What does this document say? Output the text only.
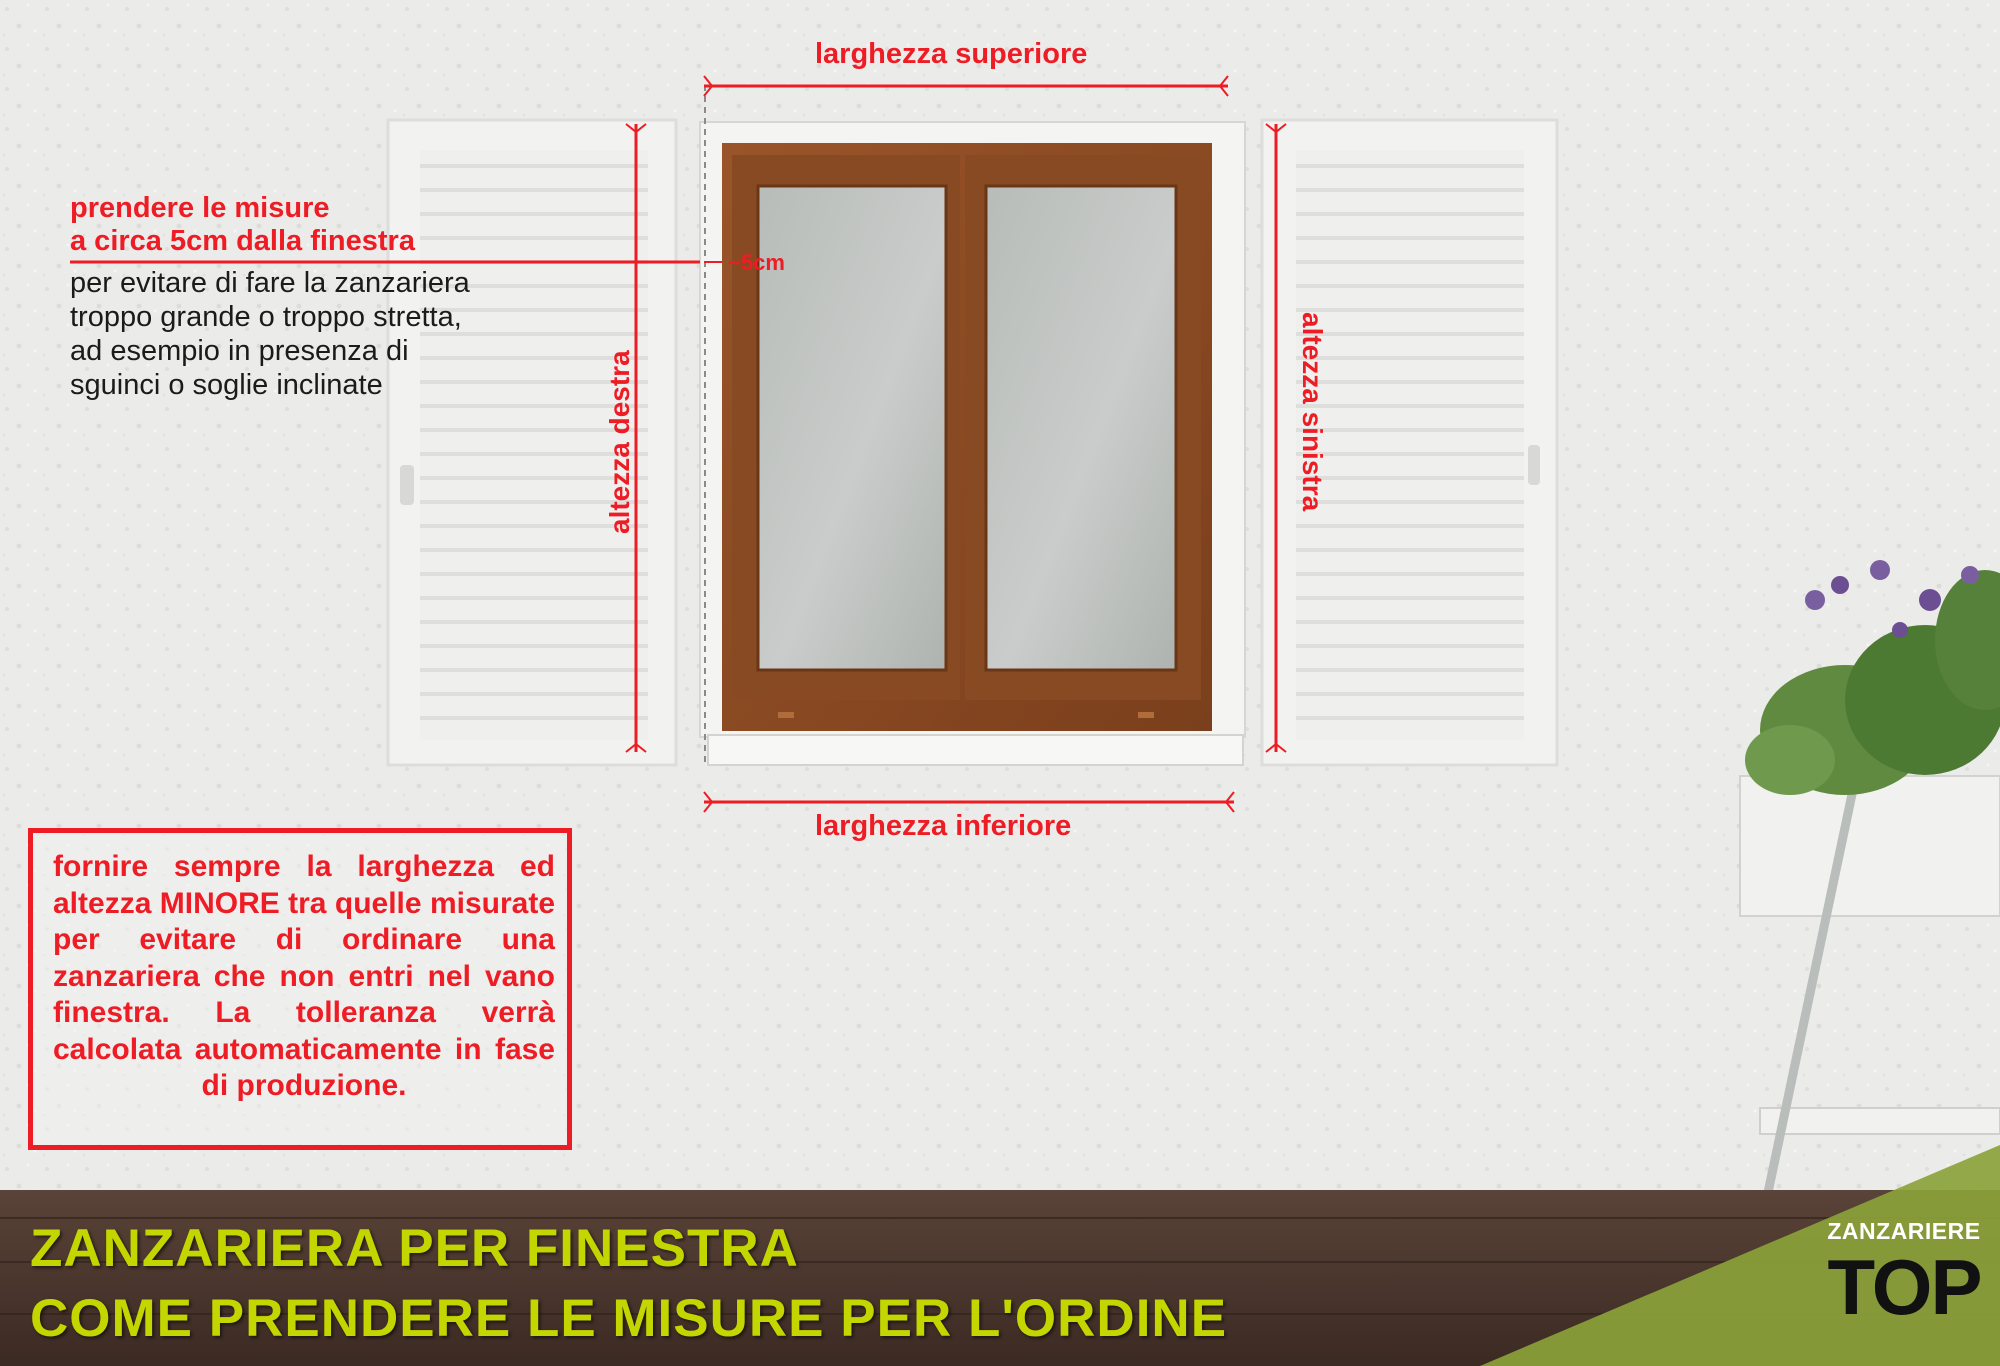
larghezza superiore
larghezza inferiore
altezza destra	altezza sinistra
~5cm
prendere le misure
a circa 5cm dalla finestra
per evitare di fare la zanzariera
troppo grande o troppo stretta,
ad esempio in presenza di
sguinci o soglie inclinate
fornire sempre la larghezza ed altezza MINORE tra quelle misurate per evitare di ordinare una zanzariera che non entri nel vano finestra. La tolleranza verrà calcolata automaticamente in fase di produzione.
ZANZARIERA PER FINESTRA
COME PRENDERE LE MISURE PER L'ORDINE
ZANZARIERE
TOP
